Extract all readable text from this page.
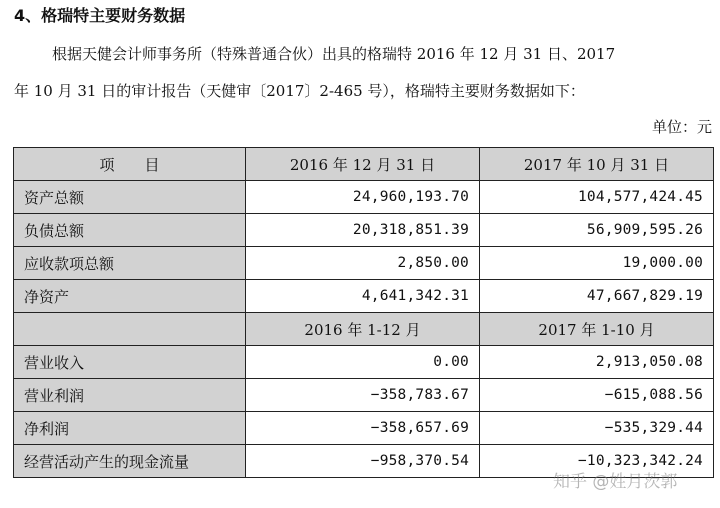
4、格瑞特主要财务数据
根据天健会计师事务所（特殊普通合伙）出具的格瑞特 2016 年 12 月 31 日、2017
年 10 月 31 日的审计报告（天健审〔2017〕2-465 号），格瑞特主要财务数据如下：
单位：元
项　　目	2016 年 12 月 31 日	2017 年 10 月 31 日
资产总额	24,960,193.70	104,577,424.45
负债总额	20,318,851.39	56,909,595.26
应收款项总额	2,850.00	19,000.00
净资产	4,641,342.31	47,667,829.19
	2016 年 1-12 月	2017 年 1-10 月
营业收入	0.00	2,913,050.08
营业利润	−358,783.67	−615,088.56
净利润	−358,657.69	−535,329.44
经营活动产生的现金流量	−958,370.54	−10,323,342.24
知乎 @姓月茨郭
